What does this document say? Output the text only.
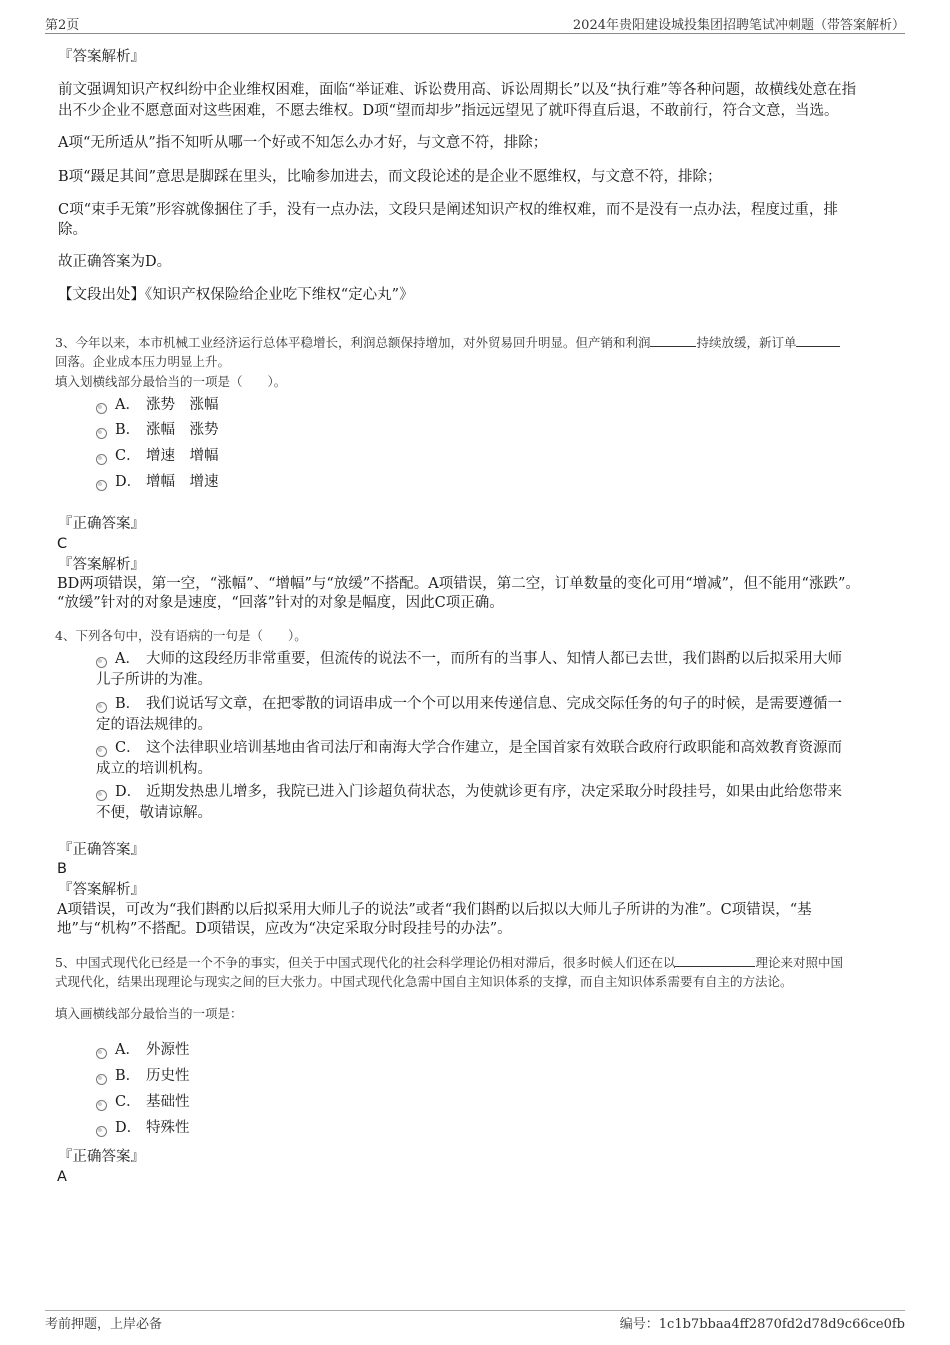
第2页	2024年贵阳建设城投集团招聘笔试冲刺题（带答案解析）
『答案解析』
前文强调知识产权纠纷中企业维权困难，面临“举证难、诉讼费用高、诉讼周期长”以及“执行难”等各种问题，故横线处意在指
出不少企业不愿意面对这些困难，不愿去维权。D项“望而却步”指远远望见了就吓得直后退，不敢前行，符合文意，当选。
A项“无所适从”指不知听从哪一个好或不知怎么办才好，与文意不符，排除；
B项“蹑足其间”意思是脚踩在里头，比喻参加进去，而文段论述的是企业不愿维权，与文意不符，排除；
C项“束手无策”形容就像捆住了手，没有一点办法，文段只是阐述知识产权的维权难，而不是没有一点办法，程度过重，排
除。
故正确答案为D。
【文段出处】《知识产权保险给企业吃下维权“定心丸”》
3、今年以来，本市机械工业经济运行总体平稳增长，利润总额保持增加，对外贸易回升明显。但产销和利润	持续放缓，新订单
回落。企业成本压力明显上升。
填入划横线部分最恰当的一项是（　　）。
A． 涨势　涨幅
B． 涨幅　涨势
C． 增速　增幅
D． 增幅　增速
『正确答案』
C
『答案解析』
BD两项错误，第一空，“涨幅”、“增幅”与“放缓”不搭配。A项错误，第二空，订单数量的变化可用“增减”，但不能用“涨跌”。
“放缓”针对的对象是速度，“回落”针对的对象是幅度，因此C项正确。
4、下列各句中，没有语病的一句是（　　）。
A． 大师的这段经历非常重要，但流传的说法不一，而所有的当事人、知情人都已去世，我们斟酌以后拟采用大师
儿子所讲的为准。
B． 我们说话写文章，在把零散的词语串成一个个可以用来传递信息、完成交际任务的句子的时候，是需要遵循一
定的语法规律的。
C． 这个法律职业培训基地由省司法厅和南海大学合作建立，是全国首家有效联合政府行政职能和高效教育资源而
成立的培训机构。
D． 近期发热患儿增多，我院已进入门诊超负荷状态，为使就诊更有序，决定采取分时段挂号，如果由此给您带来
不便，敬请谅解。
『正确答案』
B
『答案解析』
A项错误，可改为“我们斟酌以后拟采用大师儿子的说法”或者“我们斟酌以后拟以大师儿子所讲的为准”。C项错误，“基
地”与“机构”不搭配。D项错误，应改为“决定采取分时段挂号的办法”。
5、中国式现代化已经是一个不争的事实，但关于中国式现代化的社会科学理论仍相对滞后，很多时候人们还在以	理论来对照中国
式现代化，结果出现理论与现实之间的巨大张力。中国式现代化急需中国自主知识体系的支撑，而自主知识体系需要有自主的方法论。
填入画横线部分最恰当的一项是：
A． 外源性
B． 历史性
C． 基础性
D． 特殊性
『正确答案』
A
考前押题，上岸必备	编号：1c1b7bbaa4ff2870fd2d78d9c66ce0fb
